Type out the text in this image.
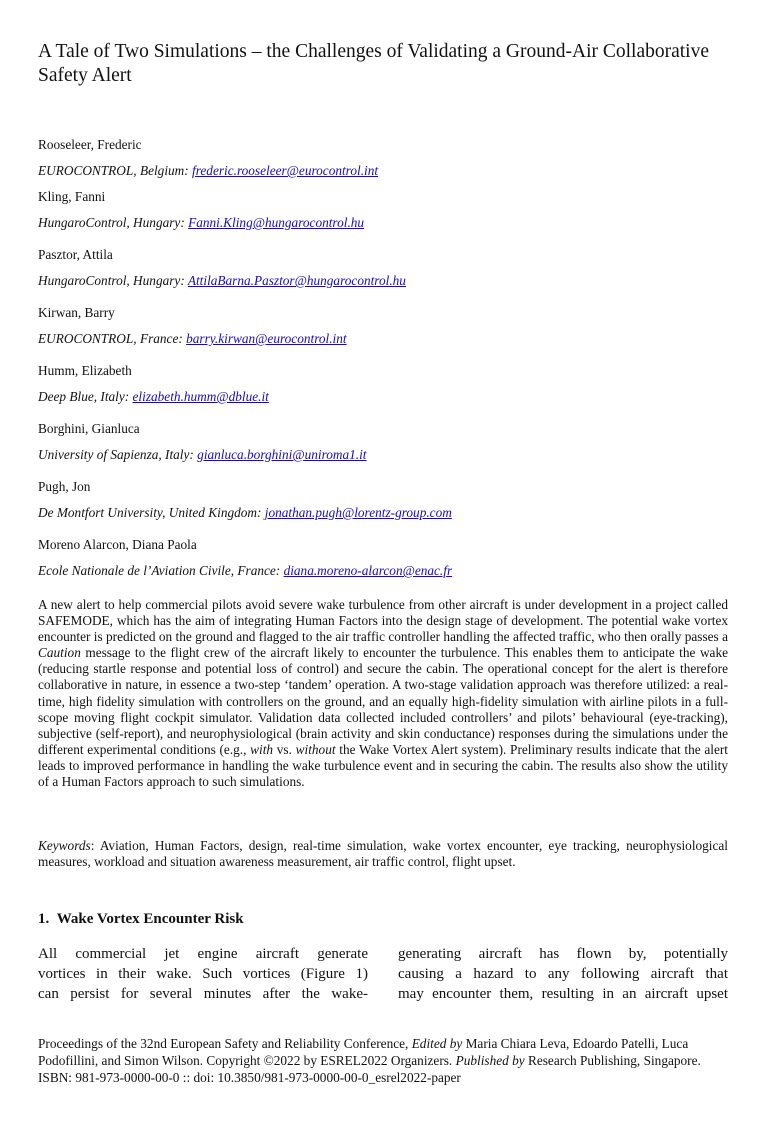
A Tale of Two Simulations – the Challenges of Validating a Ground-Air Collaborative Safety Alert
Rooseleer, Frederic
EUROCONTROL, Belgium: frederic.rooseleer@eurocontrol.int
Kling, Fanni
HungaroControl, Hungary: Fanni.Kling@hungarocontrol.hu
Pasztor, Attila
HungaroControl, Hungary: AttilaBarna.Pasztor@hungarocontrol.hu
Kirwan, Barry
EUROCONTROL, France: barry.kirwan@eurocontrol.int
Humm, Elizabeth
Deep Blue, Italy: elizabeth.humm@dblue.it
Borghini, Gianluca
University of Sapienza, Italy: gianluca.borghini@uniroma1.it
Pugh, Jon
De Montfort University, United Kingdom: jonathan.pugh@lorentz-group.com
Moreno Alarcon, Diana Paola
Ecole Nationale de l’Aviation Civile, France: diana.moreno-alarcon@enac.fr

A new alert to help commercial pilots avoid severe wake turbulence from other aircraft is under development in a project called SAFEMODE, which has the aim of integrating Human Factors into the design stage of development. The potential wake vortex encounter is predicted on the ground and flagged to the air traffic controller handling the affected traffic, who then orally passes a Caution message to the flight crew of the aircraft likely to encounter the turbulence. This enables them to anticipate the wake (reducing startle response and potential loss of control) and secure the cabin. The operational concept for the alert is therefore collaborative in nature, in essence a two-step ‘tandem’ operation. A two-stage validation approach was therefore utilized: a real-time, high fidelity simulation with controllers on the ground, and an equally high-fidelity simulation with airline pilots in a full-scope moving flight cockpit simulator. Validation data collected included controllers’ and pilots’ behavioural (eye-tracking), subjective (self-report), and neurophysiological (brain activity and skin conductance) responses during the simulations under the different experimental conditions (e.g., with vs. without the Wake Vortex Alert system). Preliminary results indicate that the alert leads to improved performance in handling the wake turbulence event and in securing the cabin. The results also show the utility of a Human Factors approach to such simulations.

Keywords: Aviation, Human Factors, design, real-time simulation, wake vortex encounter, eye tracking, neurophysiological measures, workload and situation awareness measurement, air traffic control, flight upset.

1. Wake Vortex Encounter Risk

All commercial jet engine aircraft generate

vortices in their wake. Such vortices (Figure 1)

can persist for several minutes after the wake-

generating aircraft has flown by, potentially

causing a hazard to any following aircraft that

may encounter them, resulting in an aircraft upset

Proceedings of the 32nd European Safety and Reliability Conference, Edited by Maria Chiara Leva, Edoardo Patelli, Luca Podofillini, and Simon Wilson. Copyright ©2022 by ESREL2022 Organizers. Published by Research Publishing, Singapore. ISBN: 981-973-0000-00-0 :: doi: 10.3850/981-973-0000-00-0_esrel2022-paper
